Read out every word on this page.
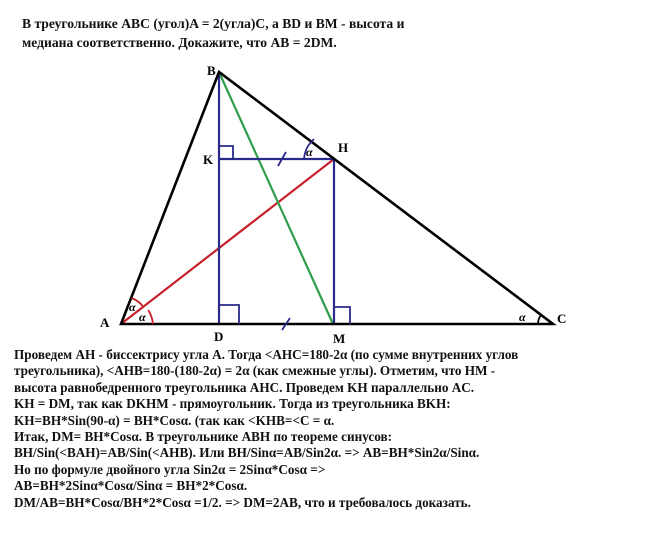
В треугольнике ABC (угол)A = 2(угла)C, а BD и BM - высота и
медиана соответственно. Докажите, что AB = 2DM.
α
α	α
α
A
B
C
D	M
K
H
Проведем AH - биссектрису угла A. Тогда <AHC=180-2α (по сумме внутренних углов
треугольника), <AHB=180-(180-2α) = 2α (как смежные углы). Отметим, что HM -
высота равнобедренного треугольника AHC. Проведем KH параллельно AC.
KH = DM, так как DKHM - прямоугольник. Тогда из треугольника BKH:
KH=BH*Sin(90-α) = BH*Cosα. (так как <KHB=<C = α.
Итак, DM= BH*Cosα. В треугольнике ABH по теореме синусов:
BH/Sin(<BAH)=AB/Sin(<AHB). Или BH/Sinα=AB/Sin2α. => AB=BH*Sin2α/Sinα.
Но по формуле двойного угла Sin2α = 2Sinα*Cosα =>
AB=BH*2Sinα*Cosα/Sinα = BH*2*Cosα.
DM/AB=BH*Cosα/BH*2*Cosα =1/2. => DM=2AB, что и требовалось доказать.
